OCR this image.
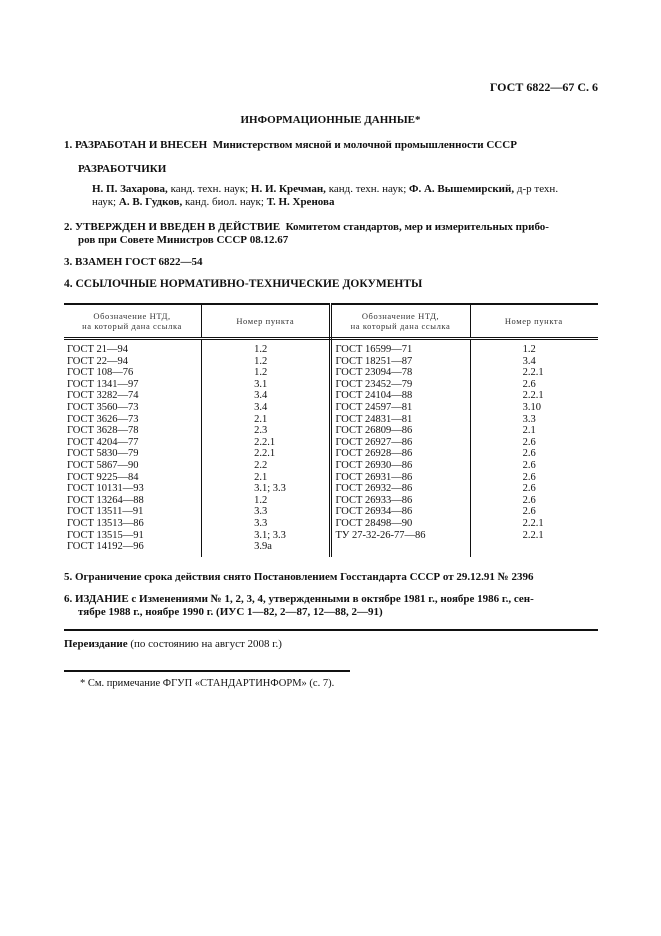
ГОСТ 6822—67 С. 6
ИНФОРМАЦИОННЫЕ ДАННЫЕ*
1. РАЗРАБОТАН И ВНЕСЕН Министерством мясной и молочной промышленности СССР
РАЗРАБОТЧИКИ
Н. П. Захарова, канд. техн. наук; Н. И. Кречман, канд. техн. наук; Ф. А. Вышемирский, д-р техн.
наук; А. В. Гудков, канд. биол. наук; Т. Н. Хренова
2. УТВЕРЖДЕН И ВВЕДЕН В ДЕЙСТВИЕ Комитетом стандартов, мер и измерительных прибо-
ров при Совете Министров СССР 08.12.67
3. ВЗАМЕН ГОСТ 6822—54
4. ССЫЛОЧНЫЕ НОРМАТИВНО-ТЕХНИЧЕСКИЕ ДОКУМЕНТЫ
Обозначение НТД,
на который дана ссылка	Номер пункта	Обозначение НТД,
на который дана ссылка	Номер пункта
ГОСТ 21—94	1.2	ГОСТ 16599—71	1.2
ГОСТ 22—94	1.2	ГОСТ 18251—87	3.4
ГОСТ 108—76	1.2	ГОСТ 23094—78	2.2.1
ГОСТ 1341—97	3.1	ГОСТ 23452—79	2.6
ГОСТ 3282—74	3.4	ГОСТ 24104—88	2.2.1
ГОСТ 3560—73	3.4	ГОСТ 24597—81	3.10
ГОСТ 3626—73	2.1	ГОСТ 24831—81	3.3
ГОСТ 3628—78	2.3	ГОСТ 26809—86	2.1
ГОСТ 4204—77	2.2.1	ГОСТ 26927—86	2.6
ГОСТ 5830—79	2.2.1	ГОСТ 26928—86	2.6
ГОСТ 5867—90	2.2	ГОСТ 26930—86	2.6
ГОСТ 9225—84	2.1	ГОСТ 26931—86	2.6
ГОСТ 10131—93	3.1; 3.3	ГОСТ 26932—86	2.6
ГОСТ 13264—88	1.2	ГОСТ 26933—86	2.6
ГОСТ 13511—91	3.3	ГОСТ 26934—86	2.6
ГОСТ 13513—86	3.3	ГОСТ 28498—90	2.2.1
ГОСТ 13515—91	3.1; 3.3	ТУ 27-32-26-77—86	2.2.1
ГОСТ 14192—96	3.9а		
5. Ограничение срока действия снято Постановлением Госстандарта СССР от 29.12.91 № 2396
6. ИЗДАНИЕ с Изменениями № 1, 2, 3, 4, утвержденными в октябре 1981 г., ноябре 1986 г., сен-
тябре 1988 г., ноябре 1990 г. (ИУС 1—82, 2—87, 12—88, 2—91)
Переиздание (по состоянию на август 2008 г.)
* См. примечание ФГУП «СТАНДАРТИНФОРМ» (с. 7).
